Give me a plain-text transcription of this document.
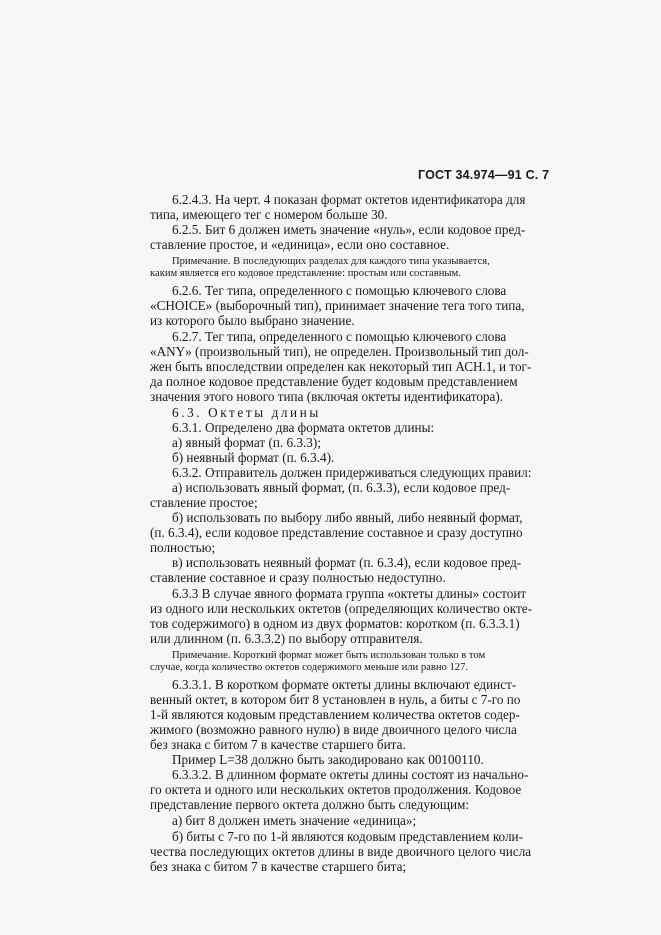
ГОСТ 34.974—91 С. 7
6.2.4.3. На черт. 4 показан формат октетов идентификатора для
типа, имеющего тег с номером больше 30.
6.2.5. Бит 6 должен иметь значение «нуль», если кодовое пред-
ставление простое, и «единица», если оно составное.
Примечание. В последующих разделах для каждого типа указывается,
каким является его кодовое представление: простым или составным.
6.2.6. Тег типа, определенного с помощью ключевого слова
«CHOICE» (выборочный тип), принимает значение тега того типа,
из которого было выбрано значение.
6.2.7. Тег типа, определенного с помощью ключевого слова
«ANY» (произвольный тип), не определен. Произвольный тип дол-
жен быть впоследствии определен как некоторый тип АСН.1, и тог-
да полное кодовое представление будет кодовым представлением
значения этого нового типа (включая октеты идентификатора).
6.3. Октеты длины
6.3.1. Определено два формата октетов длины:
а) явный формат (п. 6.3.3);
б) неявный формат (п. 6.3.4).
6.3.2. Отправитель должен придерживаться следующих правил:
а) использовать явный формат, (п. 6.3.3), если кодовое пред-
ставление простое;
б) использовать по выбору либо явный, либо неявный формат,
(п. 6.3.4), если кодовое представление составное и сразу доступно
полностью;
в) использовать неявный формат (п. 6.3.4), если кодовое пред-
ставление составное и сразу полностью недоступно.
6.3.3 В случае явного формата группа «октеты длины» состоит
из одного или нескольких октетов (определяющих количество окте-
тов содержимого) в одном из двух форматов: коротком (п. 6.3.3.1)
или длинном (п. 6.3.3.2) по выбору отправителя.
Примечание. Короткий формат может быть использован только в том
случае, когда количество октетов содержимого меньше или равно 127.
6.3.3.1. В коротком формате октеты длины включают единст-
венный октет, в котором бит 8 установлен в нуль, а биты с 7-го по
1-й являются кодовым представлением количества октетов содер-
жимого (возможно равного нулю) в виде двоичного целого числа
без знака с битом 7 в качестве старшего бита.
Пример L=38 должно быть закодировано как 00100110.
6.3.3.2. В длинном формате октеты длины состоят из начально-
го октета и одного или нескольких октетов продолжения. Кодовое
представление первого октета должно быть следующим:
а) бит 8 должен иметь значение «единица»;
б) биты с 7-го по 1-й являются кодовым представлением коли-
чества последующих октетов длины в виде двоичного целого числа
без знака с битом 7 в качестве старшего бита;
